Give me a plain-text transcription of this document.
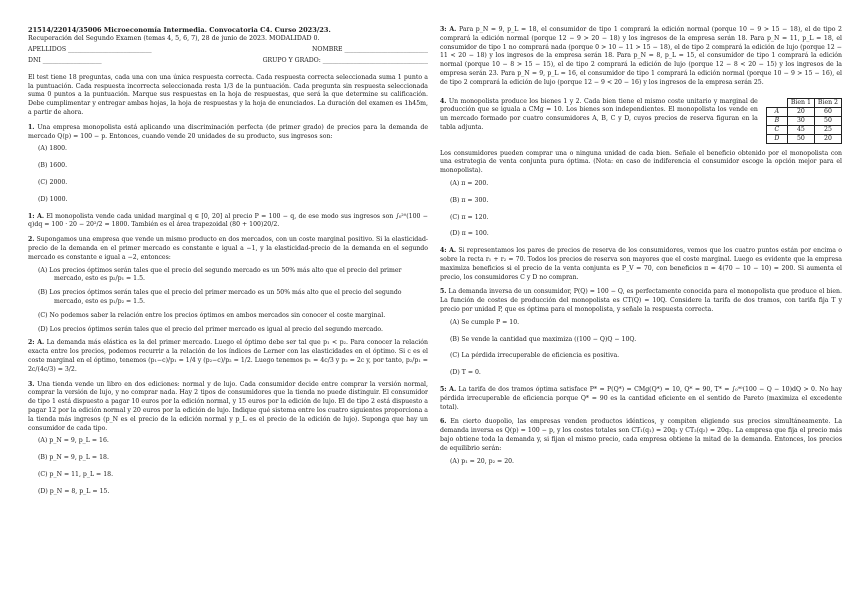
21514/22014/35006 Microeconomía Intermedia. Convocatoria C4. Curso 2023/23.

Recuperación del Segundo Examen (temas 4, 5, 6, 7), 28 de junio de 2023. MODALIDAD 0.

APELLIDOS ___________________________	NOMBRE ___________________________
DNI ___________________	GRUPO Y GRADO: __________________________________

El test tiene 18 preguntas, cada una con una única respuesta correcta. Cada respuesta correcta seleccionada suma 1 punto a la puntuación. Cada respuesta incorrecta seleccionada resta 1/3 de la puntuación. Cada pregunta sin respuesta seleccionada suma 0 puntos a la puntuación. Marque sus respuestas en la hoja de respuestas, que será la que determine su calificación. Debe cumplimentar y entregar ambas hojas, la hoja de respuestas y la hoja de enunciados. La duración del examen es 1h45m, a partir de ahora.

1. Una empresa monopolista está aplicando una discriminación perfecta (de primer grado) de precios para la demanda de mercado Q(p) = 100 − p. Entonces, cuando vende 20 unidades de su producto, sus ingresos son:

(A) 1800.
(B) 1600.
(C) 2000.
(D) 1000.

1: A. El monopolista vende cada unidad marginal q ∈ [0, 20] al precio P = 100 − q, de ese modo sus ingresos son ∫₀²⁰(100 − q)dq = 100 · 20 − 20²/2 = 1800. También es el área trapezoidal (80 + 100)20/2.

2. Supongamos una empresa que vende un mismo producto en dos mercados, con un coste marginal positivo. Si la elasticidad-precio de la demanda en el primer mercado es constante e igual a −1, y la elasticidad-precio de la demanda en el segundo mercado es constante e igual a −2, entonces:

(A) Los precios óptimos serán tales que el precio del segundo mercado es un 50% más alto que el precio del primer mercado, esto es p₂/p₁ = 1.5.
(B) Los precios óptimos serán tales que el precio del primer mercado es un 50% más alto que el precio del segundo mercado, esto es p₁/p₂ = 1.5.
(C) No podemos saber la relación entre los precios óptimos en ambos mercados sin conocer el coste marginal.
(D) Los precios óptimos serán tales que el precio del primer mercado es igual al precio del segundo mercado.

2: A. La demanda más elástica es la del primer mercado. Luego el óptimo debe ser tal que p₁ < p₂. Para conocer la relación exacta entre los precios, podemos recurrir a la relación de los índices de Lerner con las elasticidades en el óptimo. Si c es el coste marginal en el óptimo, tenemos (p₁−c)/p₁ = 1/4 y (p₂−c)/p₂ = 1/2. Luego tenemos p₁ = 4c/3 y p₂ = 2c y, por tanto, p₂/p₁ = 2c/(4c/3) = 3/2.

3. Una tienda vende un libro en dos ediciones: normal y de lujo. Cada consumidor decide entre comprar la versión normal, comprar la versión de lujo, y no comprar nada. Hay 2 tipos de consumidores que la tienda no puede distinguir. El consumidor de tipo 1 está dispuesto a pagar 10 euros por la edición normal, y 15 euros por la edición de lujo. El de tipo 2 está dispuesto a pagar 12 por la edición normal y 20 euros por la edición de lujo. Indique qué sistema entre los cuatro siguientes proporciona a la tienda más ingresos (p_N es el precio de la edición normal y p_L es el precio de la edición de lujo). Suponga que hay un consumidor de cada tipo.

(A) p_N = 9, p_L = 16.
(B) p_N = 9, p_L = 18.
(C) p_N = 11, p_L = 18.
(D) p_N = 8, p_L = 15.

3: A. Para p_N = 9, p_L = 18, el consumidor de tipo 1 comprará la edición normal (porque 10 − 9 > 15 − 18), el de tipo 2 comprará la edición normal (porque 12 − 9 > 20 − 18) y los ingresos de la empresa serán 18. Para p_N = 11, p_L = 18, el consumidor de tipo 1 no comprará nada (porque 0 > 10 − 11 > 15 − 18), el de tipo 2 comprará la edición de lujo (porque 12 − 11 < 20 − 18) y los ingresos de la empresa serán 18. Para p_N = 8, p_L = 15, el consumidor de tipo 1 comprará la edición normal (porque 10 − 8 > 15 − 15), el de tipo 2 comprará la edición de lujo (porque 12 − 8 < 20 − 15) y los ingresos de la empresa serán 23. Para p_N = 9, p_L = 16, el consumidor de tipo 1 comprará la edición normal (porque 10 − 9 > 15 − 16), el de tipo 2 comprará la edición de lujo (porque 12 − 9 < 20 − 16) y los ingresos de la empresa serán 25.

4. Un monopolista produce los bienes 1 y 2. Cada bien tiene el mismo coste unitario y marginal de producción que se iguala a CMg = 10. Los bienes son independientes. El monopolista los vende en un mercado formado por cuatro consumidores A, B, C y D, cuyos precios de reserva figuran en la tabla adjunta.

	Bien 1	Bien 2
A	20	60
B	30	50
C	45	25
D	50	20

Los consumidores pueden comprar una o ninguna unidad de cada bien. Señale el beneficio obtenido por el monopolista con una estrategia de venta conjunta pura óptima. (Nota: en caso de indiferencia el consumidor escoge la opción mejor para el monopolista).

(A) π = 200.
(B) π = 300.
(C) π = 120.
(D) π = 100.

4: A. Si representamos los pares de precios de reserva de los consumidores, vemos que los cuatro puntos están por encima o sobre la recta r₁ + r₂ = 70. Todos los precios de reserva son mayores que el coste marginal. Luego es evidente que la empresa maximiza beneficios si el precio de la venta conjunta es P_V = 70, con beneficios π = 4(70 − 10 − 10) = 200. Si aumenta el precio, los consumidores C y D no compran.

5. La demanda inversa de un consumidor, P(Q) = 100 − Q, es perfectamente conocida para el monopolista que produce el bien. La función de costes de producción del monopolista es CT(Q) = 10Q. Considere la tarifa de dos tramos, con tarifa fija T y precio por unidad P, que es óptima para el monopolista, y señale la respuesta correcta.

(A) Se cumple P = 10.
(B) Se vende la cantidad que maximiza ((100 − Q)Q − 10Q.
(C) La pérdida irrecuperable de eficiencia es positiva.
(D) T = 0.

5: A. La tarifa de dos tramos óptima satisface P* = P(Q*) = CMg(Q*) = 10, Q* = 90, T* = ∫₀⁹⁰(100 − Q − 10)dQ > 0. No hay pérdida irrecuperable de eficiencia porque Q* = 90 es la cantidad eficiente en el sentido de Pareto (maximiza el excedente total).

6. En cierto duopolio, las empresas venden productos idénticos, y compiten eligiendo sus precios simultáneamente. La demanda inversa es Q(p) = 100 − p, y los costes totales son CT₁(q₁) = 20q₁ y CT₂(q₂) = 20q₂. La empresa que fija el precio más bajo obtiene toda la demanda y, si fijan el mismo precio, cada empresa obtiene la mitad de la demanda. Entonces, los precios de equilibrio serán:

(A) p₁ = 20, p₂ = 20.
